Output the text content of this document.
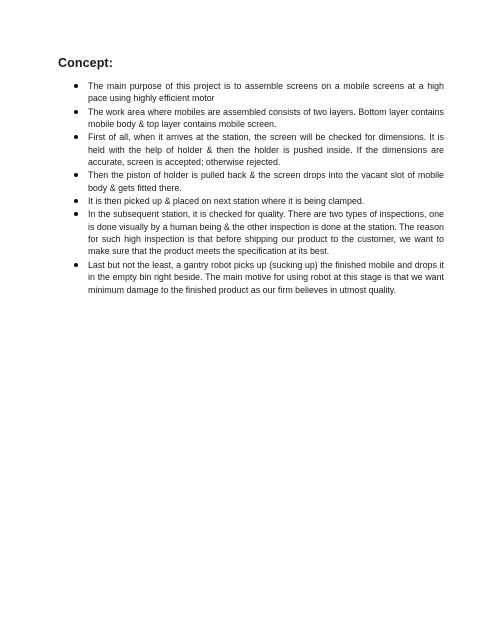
Concept:
The main purpose of this project is to assemble screens on a mobile screens at a high pace using highly efficient motor
The work area where mobiles are assembled consists of two layers. Bottom layer contains mobile body & top layer contains mobile screen.
First of all, when it arrives at the station, the screen will be checked for dimensions. It is held with the help of holder & then the holder is pushed inside. If the dimensions are accurate, screen is accepted; otherwise rejected.
Then the piston of holder is pulled back & the screen drops into the vacant slot of mobile body & gets fitted there.
It is then picked up & placed on next station where it is being clamped.
In the subsequent station, it is checked for quality. There are two types of inspections, one is done visually by a human being & the other inspection is done at the station. The reason for such high inspection is that before shipping our product to the customer, we want to make sure that the product meets the specification at its best.
Last but not the least, a gantry robot picks up (sucking up) the finished mobile and drops it in the empty bin right beside. The main motive for using robot at this stage is that we want minimum damage to the finished product as our firm believes in utmost quality.
